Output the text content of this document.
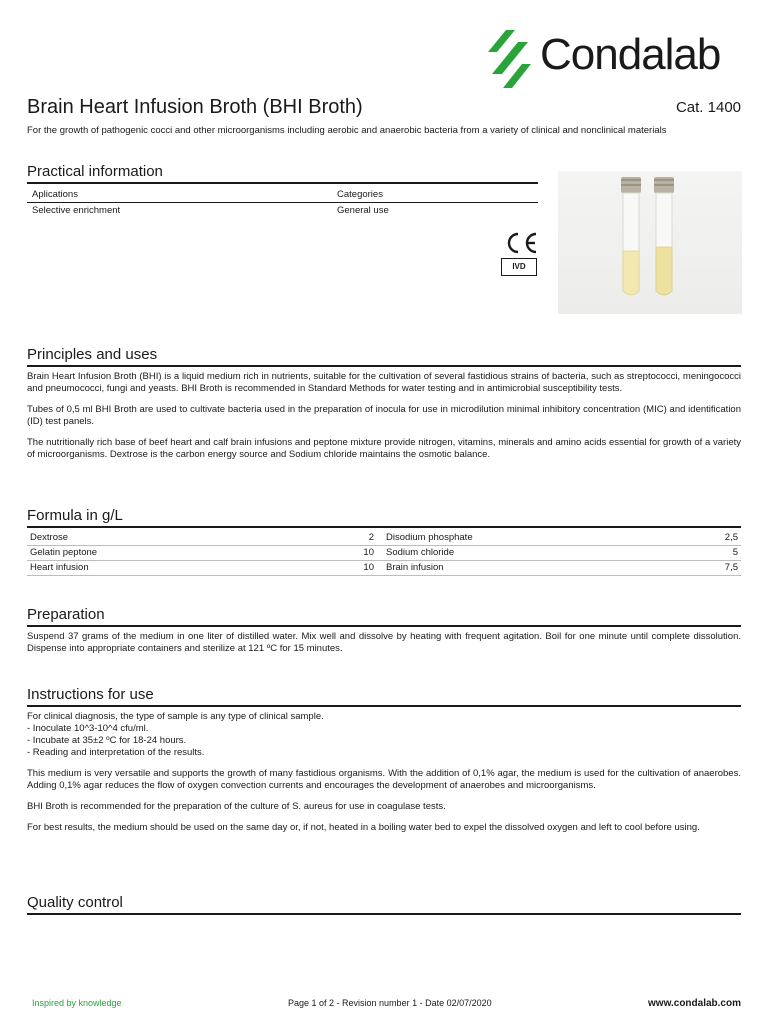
Condalab
Brain Heart Infusion Broth (BHI Broth)	Cat. 1400
For the growth of pathogenic cocci and other microorganisms including aerobic and anaerobic bacteria from a variety of clinical and nonclinical materials
Practical information
Aplications	Categories
Selective enrichment	General use
IVD
Principles and uses

Brain Heart Infusion Broth (BHI) is a liquid medium rich in nutrients, suitable for the cultivation of several fastidious strains of bacteria, such as streptococci, meningococci and pneumococci, fungi and yeasts. BHI Broth is recommended in Standard Methods for water testing and in antimicrobial susceptibility tests.

Tubes of 0,5 ml BHI Broth are used to cultivate bacteria used in the preparation of inocula for use in microdilution minimal inhibitory concentration (MIC) and identification (ID) test panels.

The nutritionally rich base of beef heart and calf brain infusions and peptone mixture provide nitrogen, vitamins, minerals and amino acids essential for growth of a variety of microorganisms. Dextrose is the carbon energy source and Sodium chloride maintains the osmotic balance.

Formula in g/L
Dextrose	2	Disodium phosphate	2,5
Gelatin peptone	10	Sodium chloride	5
Heart infusion	10	Brain infusion	7,5
Preparation

Suspend 37 grams of the medium in one liter of distilled water. Mix well and dissolve by heating with frequent agitation. Boil for one minute until complete dissolution. Dispense into appropriate containers and sterilize at 121 ºC for 15 minutes.

Instructions for use

For clinical diagnosis, the type of sample is any type of clinical sample.

- Inoculate 10^3-10^4 cfu/ml.

- Incubate at 35±2 ºC for 18-24 hours.

- Reading and interpretation of the results.

This medium is very versatile and supports the growth of many fastidious organisms. With the addition of 0,1% agar, the medium is used for the cultivation of anaerobes. Adding 0,1% agar reduces the flow of oxygen convection currents and encourages the development of anaerobes and microorganisms.

BHI Broth is recommended for the preparation of the culture of S. aureus for use in coagulase tests.

For best results, the medium should be used on the same day or, if not, heated in a boiling water bed to expel the dissolved oxygen and left to cool before using.

Quality control
Inspired by knowledge	Page 1 of 2 - Revision number 1 - Date 02/07/2020	www.condalab.com
